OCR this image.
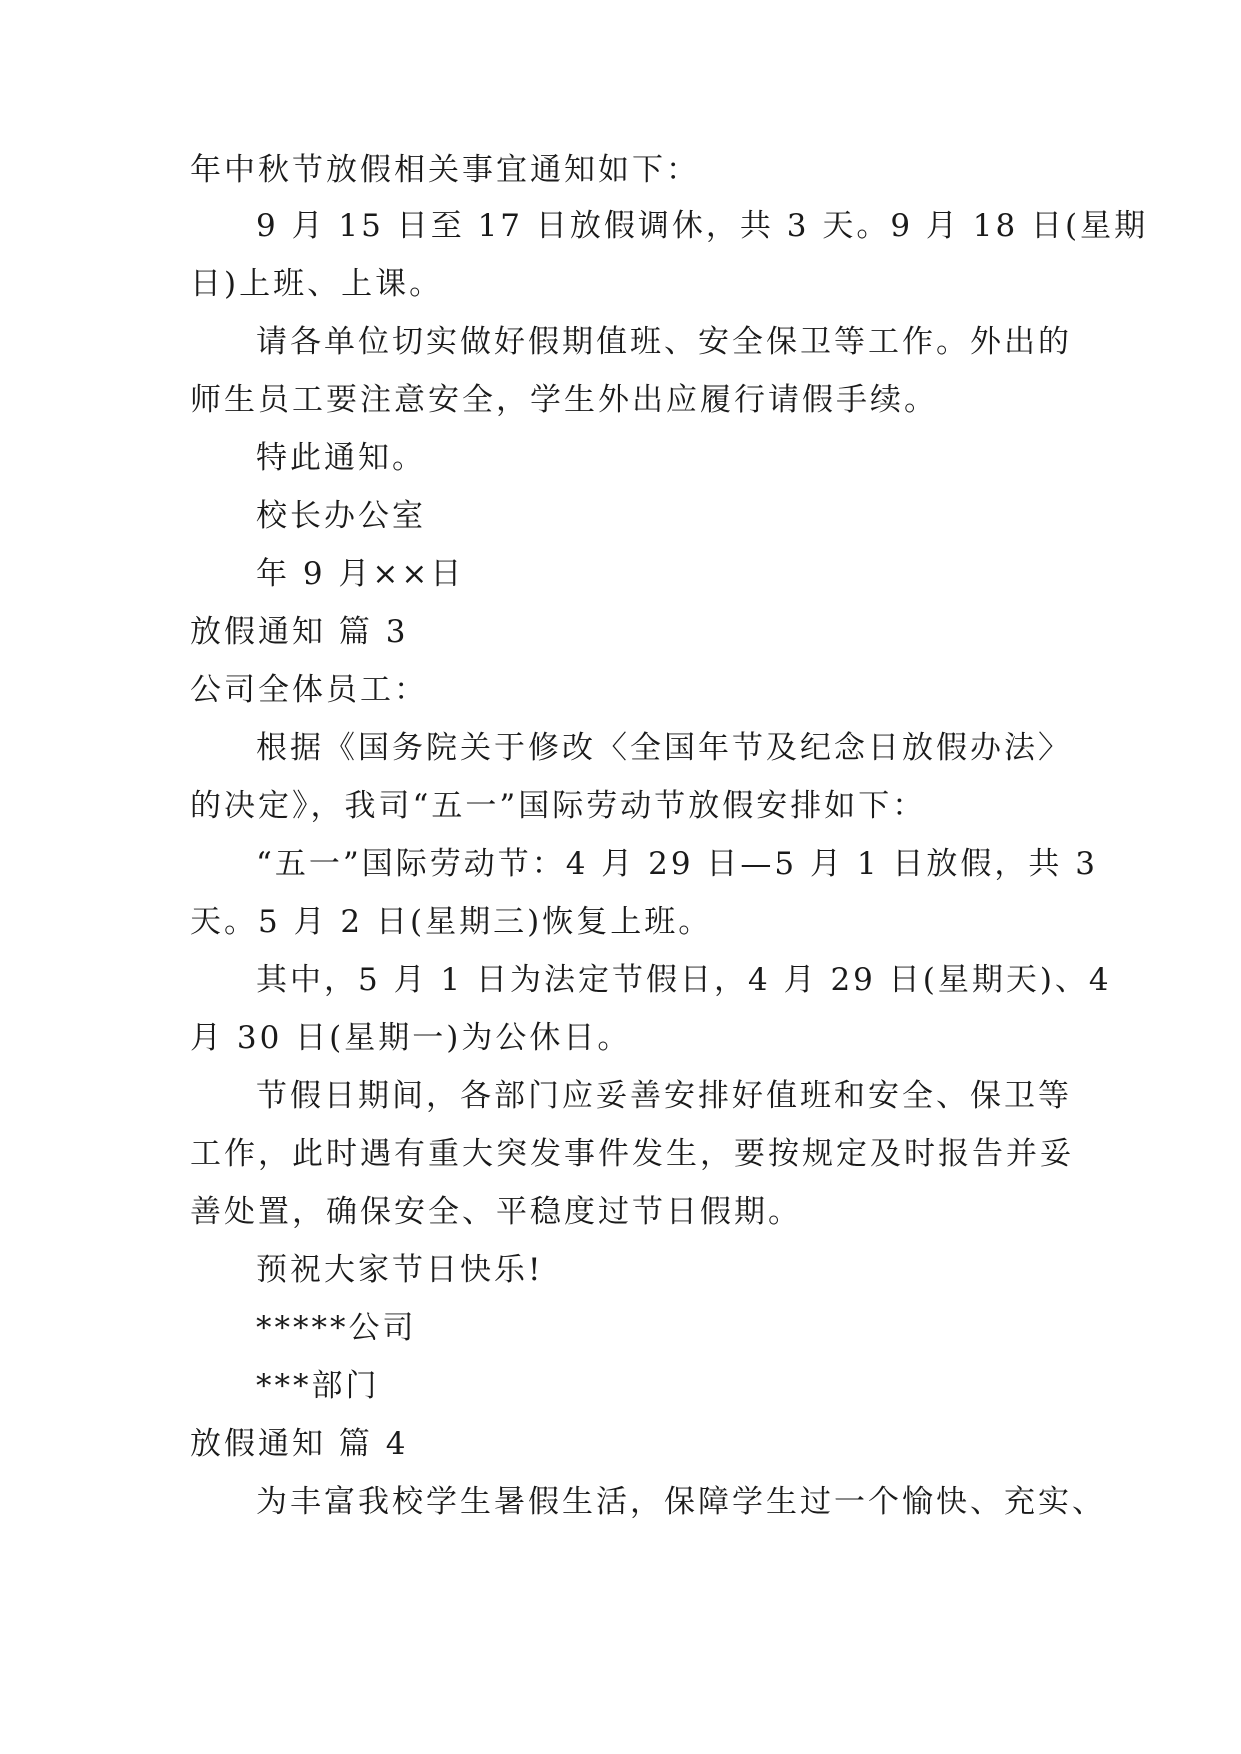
年中秋节放假相关事宜通知如下：
9 月 15 日至 17 日放假调休，共 3 天。9 月 18 日(星期
日)上班、上课。
请各单位切实做好假期值班、安全保卫等工作。外出的
师生员工要注意安全，学生外出应履行请假手续。
特此通知。
校长办公室
年 9 月××日
放假通知 篇 3
公司全体员工：
根据《国务院关于修改〈全国年节及纪念日放假办法〉
的决定》，我司“五一”国际劳动节放假安排如下：
“五一”国际劳动节：4 月 29 日—5 月 1 日放假，共 3
天。5 月 2 日(星期三)恢复上班。
其中，5 月 1 日为法定节假日，4 月 29 日(星期天)、4
月 30 日(星期一)为公休日。
节假日期间，各部门应妥善安排好值班和安全、保卫等
工作，此时遇有重大突发事件发生，要按规定及时报告并妥
善处置，确保安全、平稳度过节日假期。
预祝大家节日快乐!
*****公司
***部门
放假通知 篇 4
为丰富我校学生暑假生活，保障学生过一个愉快、充实、
